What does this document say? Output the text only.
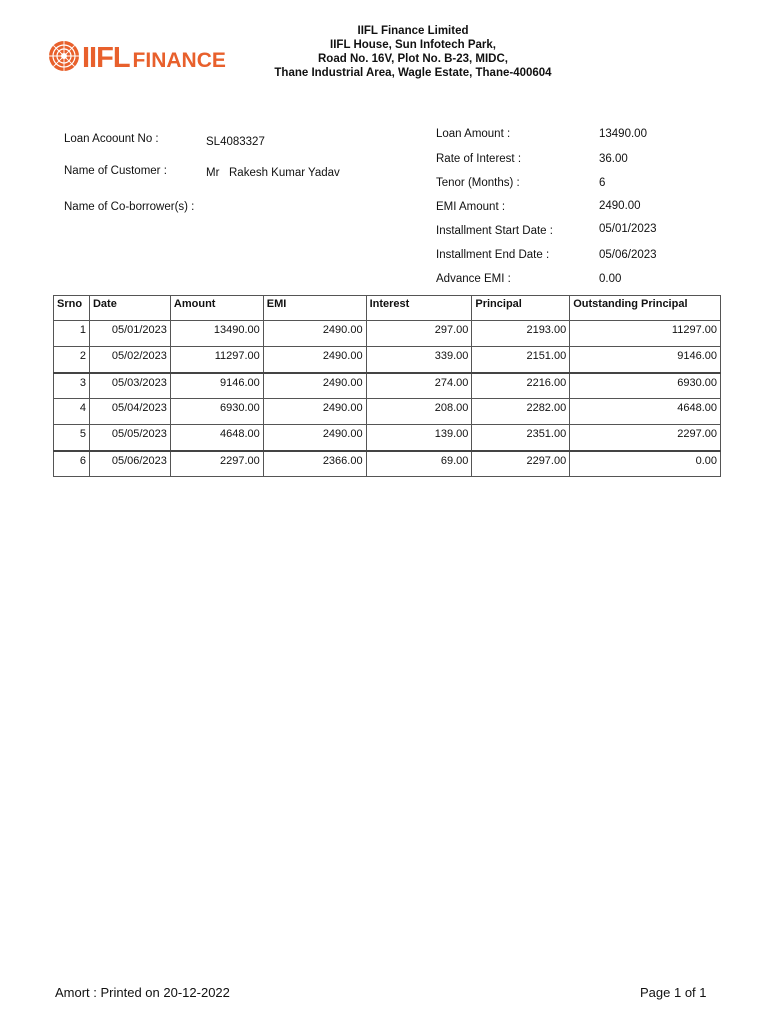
IIFL FINANCE
IIFL Finance Limited
IIFL House, Sun Infotech Park,
Road No. 16V, Plot No. B-23, MIDC,
Thane Industrial Area, Wagle Estate, Thane-400604
Loan Acoount No :	SL4083327
Name of Customer :	Mr Rakesh Kumar Yadav
Name of Co-borrower(s) :
Loan Amount :	13490.00
Rate of Interest :	36.00
Tenor (Months) :	6
EMI Amount :	2490.00
Installment Start Date :	05/01/2023
Installment End Date :	05/06/2023
Advance EMI :	0.00
Srno	Date	Amount	EMI	Interest	Principal	Outstanding Principal
1	05/01/2023	13490.00	2490.00	297.00	2193.00	11297.00
2	05/02/2023	11297.00	2490.00	339.00	2151.00	9146.00
3	05/03/2023	9146.00	2490.00	274.00	2216.00	6930.00
4	05/04/2023	6930.00	2490.00	208.00	2282.00	4648.00
5	05/05/2023	4648.00	2490.00	139.00	2351.00	2297.00
6	05/06/2023	2297.00	2366.00	69.00	2297.00	0.00
Amort : Printed on 20-12-2022	Page 1 of 1
